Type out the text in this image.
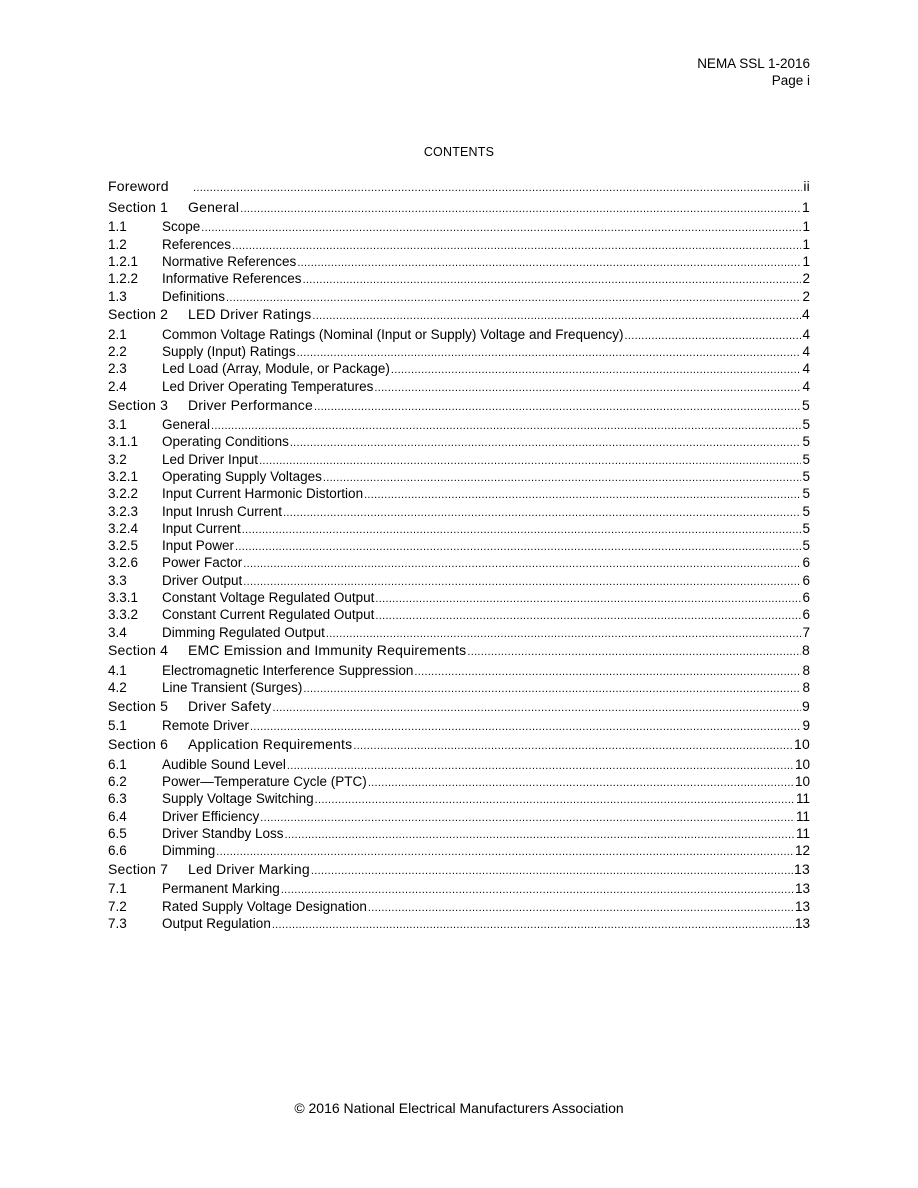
NEMA SSL 1-2016
Page i
CONTENTS
Foreword .....	ii
Section 1	General .....	1
1.1	Scope .....	1
1.2	References .....	1
1.2.1	Normative References .....	1
1.2.2	Informative References .....	2
1.3	Definitions .....	2
Section 2	LED Driver Ratings .....	4
2.1	Common Voltage Ratings (Nominal (Input or Supply) Voltage and Frequency) .....	4
2.2	Supply (Input) Ratings .....	4
2.3	Led Load (Array, Module, or Package) .....	4
2.4	Led Driver Operating Temperatures .....	4
Section 3	Driver Performance .....	5
3.1	General .....	5
3.1.1	Operating Conditions .....	5
3.2	Led Driver Input .....	5
3.2.1	Operating Supply Voltages .....	5
3.2.2	Input Current Harmonic Distortion .....	5
3.2.3	Input Inrush Current .....	5
3.2.4	Input Current .....	5
3.2.5	Input Power .....	5
3.2.6	Power Factor .....	6
3.3	Driver Output .....	6
3.3.1	Constant Voltage Regulated Output .....	6
3.3.2	Constant Current Regulated Output .....	6
3.4	Dimming Regulated Output .....	7
Section 4	EMC Emission and Immunity Requirements .....	8
4.1	Electromagnetic Interference Suppression .....	8
4.2	Line Transient (Surges) .....	8
Section 5	Driver Safety .....	9
5.1	Remote Driver .....	9
Section 6	Application Requirements .....	10
6.1	Audible Sound Level .....	10
6.2	Power—Temperature Cycle (PTC) .....	10
6.3	Supply Voltage Switching .....	11
6.4	Driver Efficiency .....	11
6.5	Driver Standby Loss .....	11
6.6	Dimming .....	12
Section 7	Led Driver Marking .....	13
7.1	Permanent Marking .....	13
7.2	Rated Supply Voltage Designation .....	13
7.3	Output Regulation .....	13
© 2016 National Electrical Manufacturers Association
